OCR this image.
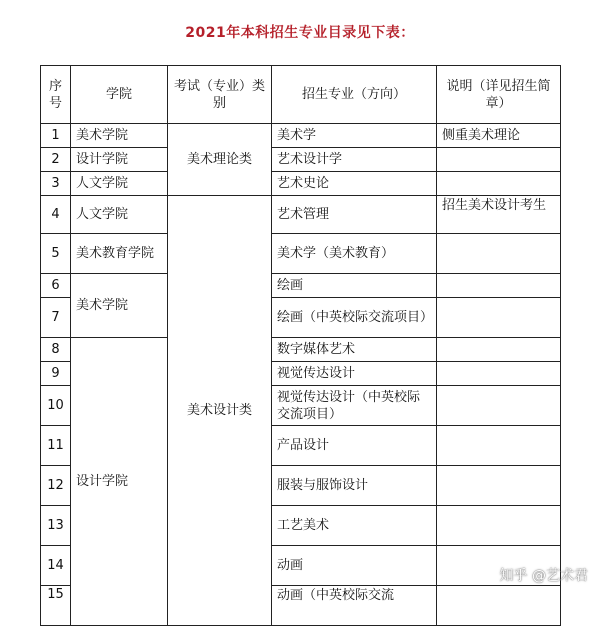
2021年本科招生专业目录见下表：
序号	学院	考试（专业）类别	招生专业（方向）	说明（详见招生简章）
1	美术学院	美术理论类	美术学	侧重美术理论
2	设计学院		艺术设计学	
3	人文学院		艺术史论	
4	人文学院	美术设计类	艺术管理	招生美术设计考生
5	美术教育学院		美术学（美术教育）	
6	美术学院		绘画	
7			绘画（中英校际交流项目）	
8	设计学院		数字媒体艺术	
9			视觉传达设计	
10			视觉传达设计（中英校际交流项目）	
11			产品设计	
12			服装与服饰设计	
13			工艺美术	
14			动画	
15			动画（中英校际交流	
知乎 @艺术君
